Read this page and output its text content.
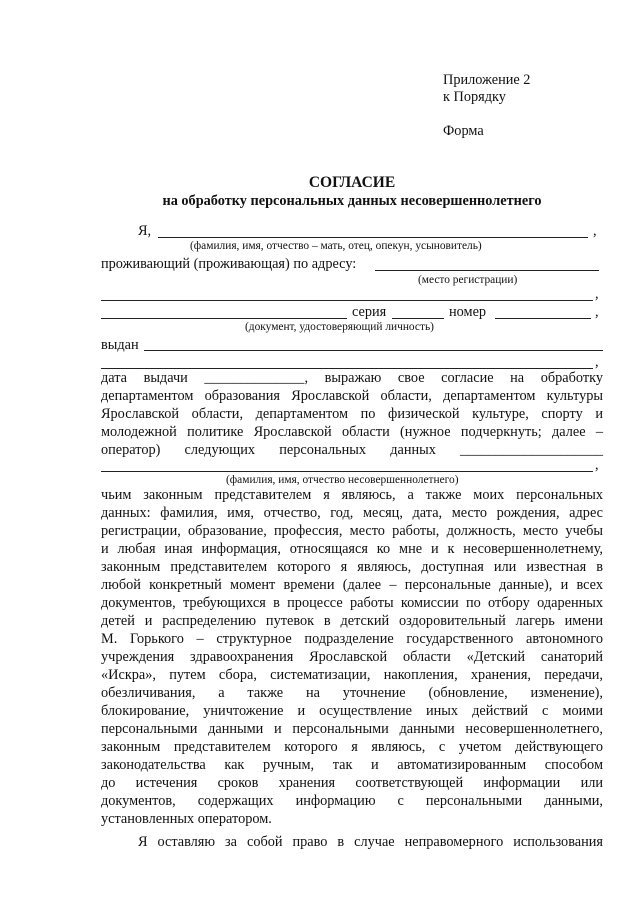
Приложение 2
к Порядку
Форма
СОГЛАСИЕ
на обработку персональных данных несовершеннолетнего
Я,	,
(фамилия, имя, отчество – мать, отец, опекун, усыновитель)
проживающий (проживающая) по адресу:
(место регистрации)
,
серия	номер	,
(документ, удостоверяющий личность)
выдан
,
дата выдачи ______________, выражаю свое согласие на обработку
департаментом образования Ярославской области, департаментом культуры
Ярославской области, департаментом по физической культуре, спорту и
молодежной политике Ярославской области (нужное подчеркнуть; далее –
оператор) следующих персональных данных ____________________
,
(фамилия, имя, отчество несовершеннолетнего)
чьим законным представителем я являюсь, а также моих персональных
данных: фамилия, имя, отчество, год, месяц, дата, место рождения, адрес
регистрации, образование, профессия, место работы, должность, место учебы
и любая иная информация, относящаяся ко мне и к несовершеннолетнему,
законным представителем которого я являюсь, доступная или известная в
любой конкретный момент времени (далее – персональные данные), и всех
документов, требующихся в процессе работы комиссии по отбору одаренных
детей и распределению путевок в детский оздоровительный лагерь имени
М. Горького – структурное подразделение государственного автономного
учреждения здравоохранения Ярославской области «Детский санаторий
«Искра», путем сбора, систематизации, накопления, хранения, передачи,
обезличивания, а также на уточнение (обновление, изменение),
блокирование, уничтожение и осуществление иных действий с моими
персональными данными и персональными данными несовершеннолетнего,
законным представителем которого я являюсь, с учетом действующего
законодательства как ручным, так и автоматизированным способом
до истечения сроков хранения соответствующей информации или
документов, содержащих информацию с персональными данными,
установленных оператором.
Я оставляю за собой право в случае неправомерного использования
